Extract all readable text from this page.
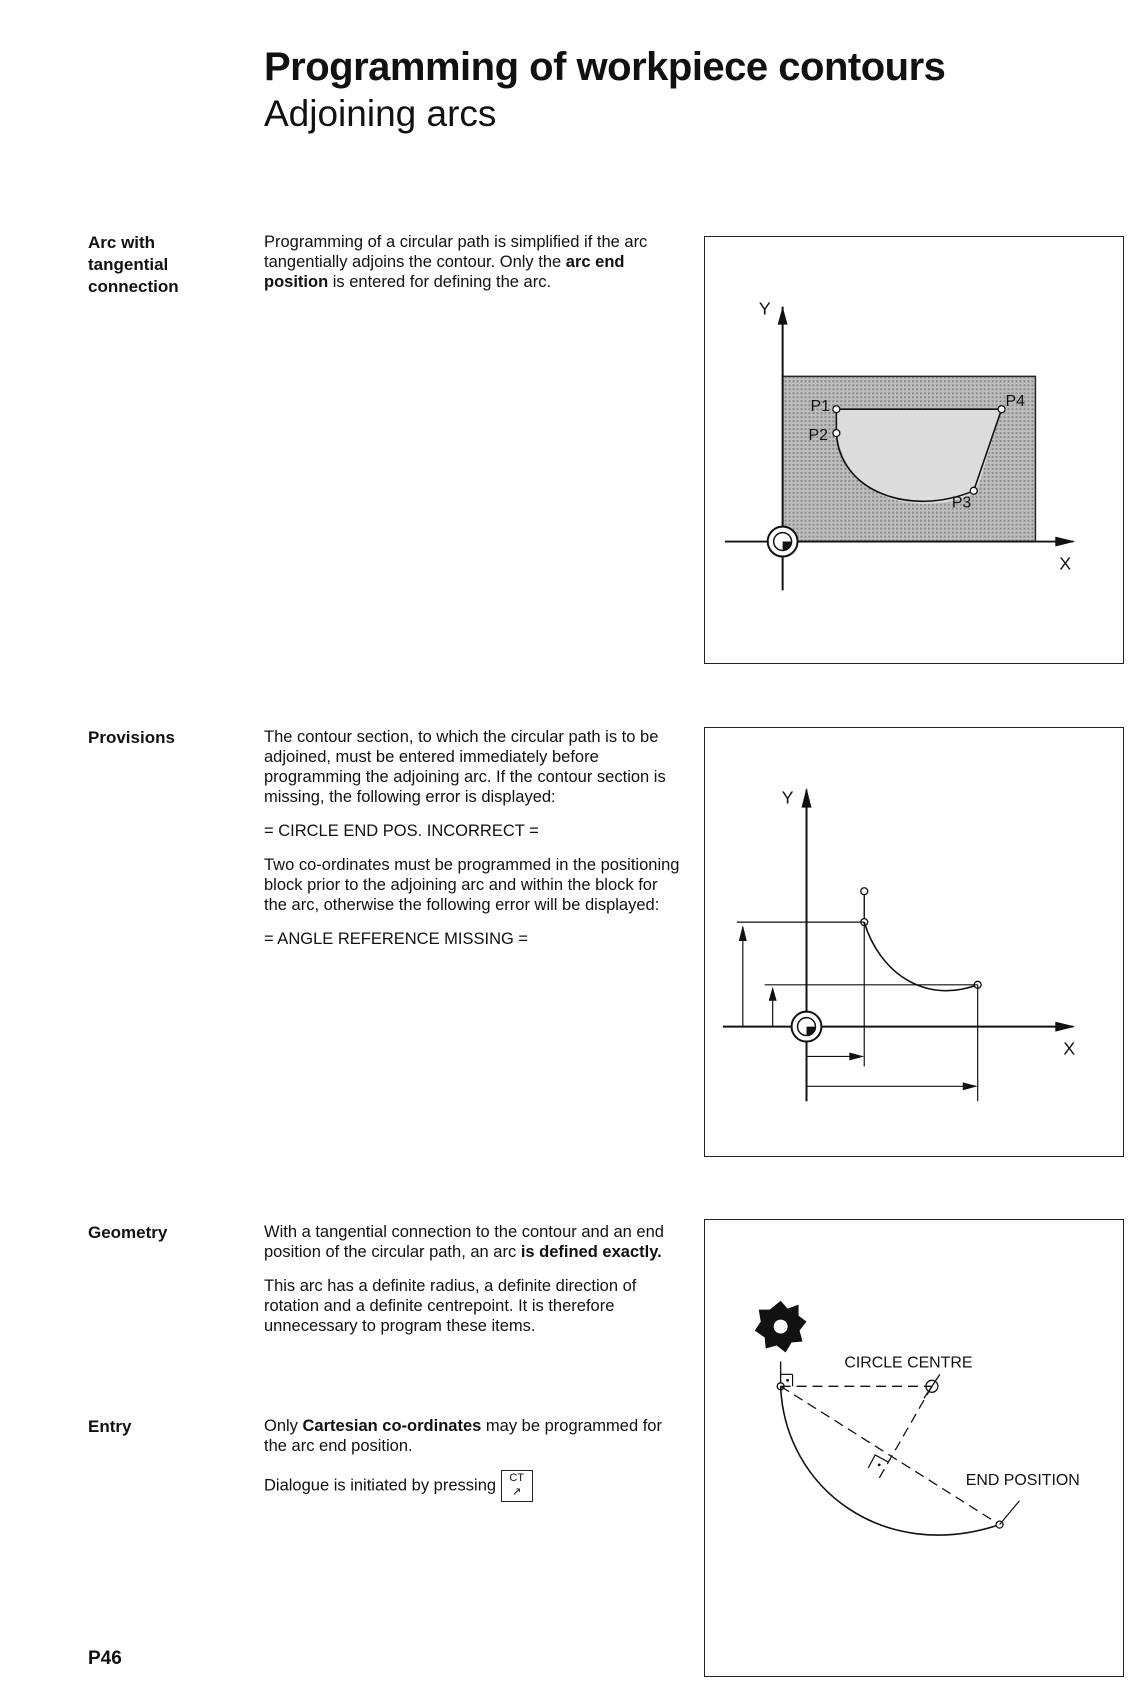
Programming of workpiece contours
Adjoining arcs
Arc with tangential connection

Programming of a circular path is simplified if the arc tangentially adjoins the contour. Only the arc end position is entered for defining the arc.

Y
X
P1
P2
P3
P4
Provisions	The contour section, to which the circular path is to be adjoined, must be entered immediately before programming the adjoining arc. If the contour section is missing, the following error is displayed:

= CIRCLE END POS. INCORRECT =

Two co-ordinates must be programmed in the positioning block prior to the adjoining arc and within the block for the arc, otherwise the following error will be displayed:

= ANGLE REFERENCE MISSING =

Y
X
Geometry	With a tangential connection to the contour and an end position of the circular path, an arc is defined exactly.

This arc has a definite radius, a definite direction of rotation and a definite centrepoint. It is therefore unnecessary to program these items.

Entry	Only Cartesian co-ordinates may be programmed for the arc end position.

Dialogue is initiated by pressing CT
↗

CIRCLE CENTRE
END POSITION
P46
